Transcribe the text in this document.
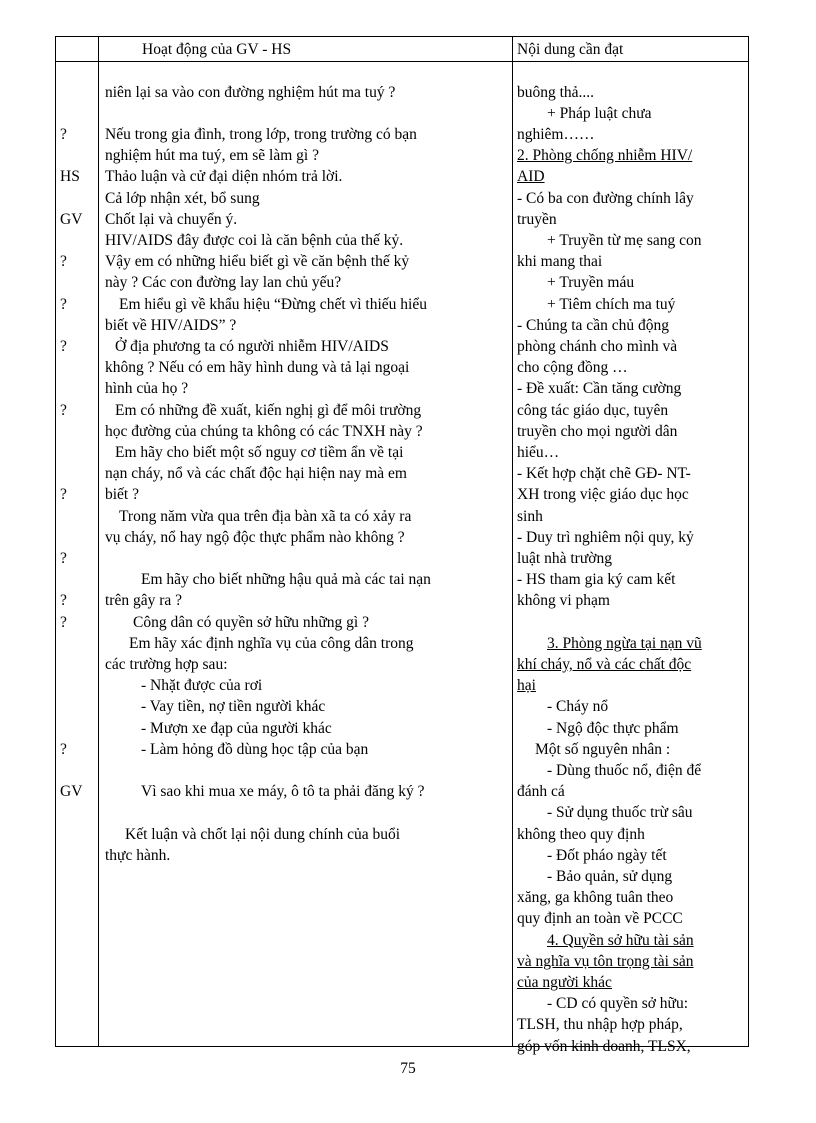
Hoạt động của GV - HS	Nội dung cần đạt
?
HS
GV
?
?
?
?
?
?
?
?
?
GV
niên lại sa vào con đường nghiệm hút ma tuý ?
Nếu trong gia đình, trong lớp, trong trường có bạn
nghiệm hút ma tuý, em sẽ làm gì ?
Thảo luận và cử đại diện nhóm trả lời.
Cả lớp nhận xét, bổ sung
Chốt lại và chuyển ý.
HIV/AIDS đây được coi là căn bệnh của thế kỷ.
Vậy em có những hiểu biết gì về căn bệnh thế kỷ
này ? Các con đường lay lan chủ yếu?
Em hiểu gì về khẩu hiệu “Đừng chết vì thiếu hiểu
biết về HIV/AIDS” ?
Ở địa phương ta có người nhiễm HIV/AIDS
không ? Nếu có em hãy hình dung và tả lại ngoại
hình của họ ?
Em có những đề xuất, kiến nghị gì để môi trường
học đường của chúng ta không có các TNXH này ?
Em hãy cho biết một số nguy cơ tiềm ẩn về tại
nạn cháy, nổ và các chất độc hại hiện nay mà em
biết ?
Trong năm vừa qua trên địa bàn xã ta có xảy ra
vụ cháy, nổ hay ngộ độc thực phẩm nào không ?
Em hãy cho biết những hậu quả mà các tai nạn
trên gây ra ?
Công dân có quyền sở hữu những gì ?
Em hãy xác định nghĩa vụ của công dân trong
các trường hợp sau:
- Nhặt được của rơi
- Vay tiền, nợ tiền người khác
- Mượn xe đạp của người khác
- Làm hỏng đồ dùng học tập của bạn
Vì sao khi mua xe máy, ô tô ta phải đăng ký ?
Kết luận và chốt lại nội dung chính của buổi
thực hành.
buông thả....
+ Pháp luật chưa
nghiêm……
2. Phòng chống nhiễm HIV/
AID
- Có ba con đường chính lây
truyền
+ Truyền từ mẹ sang con
khi mang thai
+ Truyền máu
+ Tiêm chích ma tuý
- Chúng ta cần chủ động
phòng chánh cho mình và
cho cộng đồng …
- Đề xuất: Cần tăng cường
công tác giáo dục, tuyên
truyền cho mọi người dân
hiểu…
- Kết hợp chặt chẽ GĐ- NT-
XH trong việc giáo dục học
sinh
- Duy trì nghiêm nội quy, kỷ
luật nhà trường
- HS tham gia ký cam kết
không vi phạm
3. Phòng ngừa tại nạn vũ
khí cháy, nổ và các chất độc
hại
- Cháy nổ
- Ngộ độc thực phẩm
Một số nguyên nhân :
- Dùng thuốc nổ, điện để
đánh cá
- Sử dụng thuốc trừ sâu
không theo quy định
- Đốt pháo ngày tết
- Bảo quản, sử dụng
xăng, ga không tuân theo
quy định an toàn về PCCC
4. Quyền sở hữu tài sản
và nghĩa vụ tôn trọng tài sản
của người khác
- CD có quyền sở hữu:
TLSH, thu nhập hợp pháp,
góp vốn kinh doanh, TLSX,
75
